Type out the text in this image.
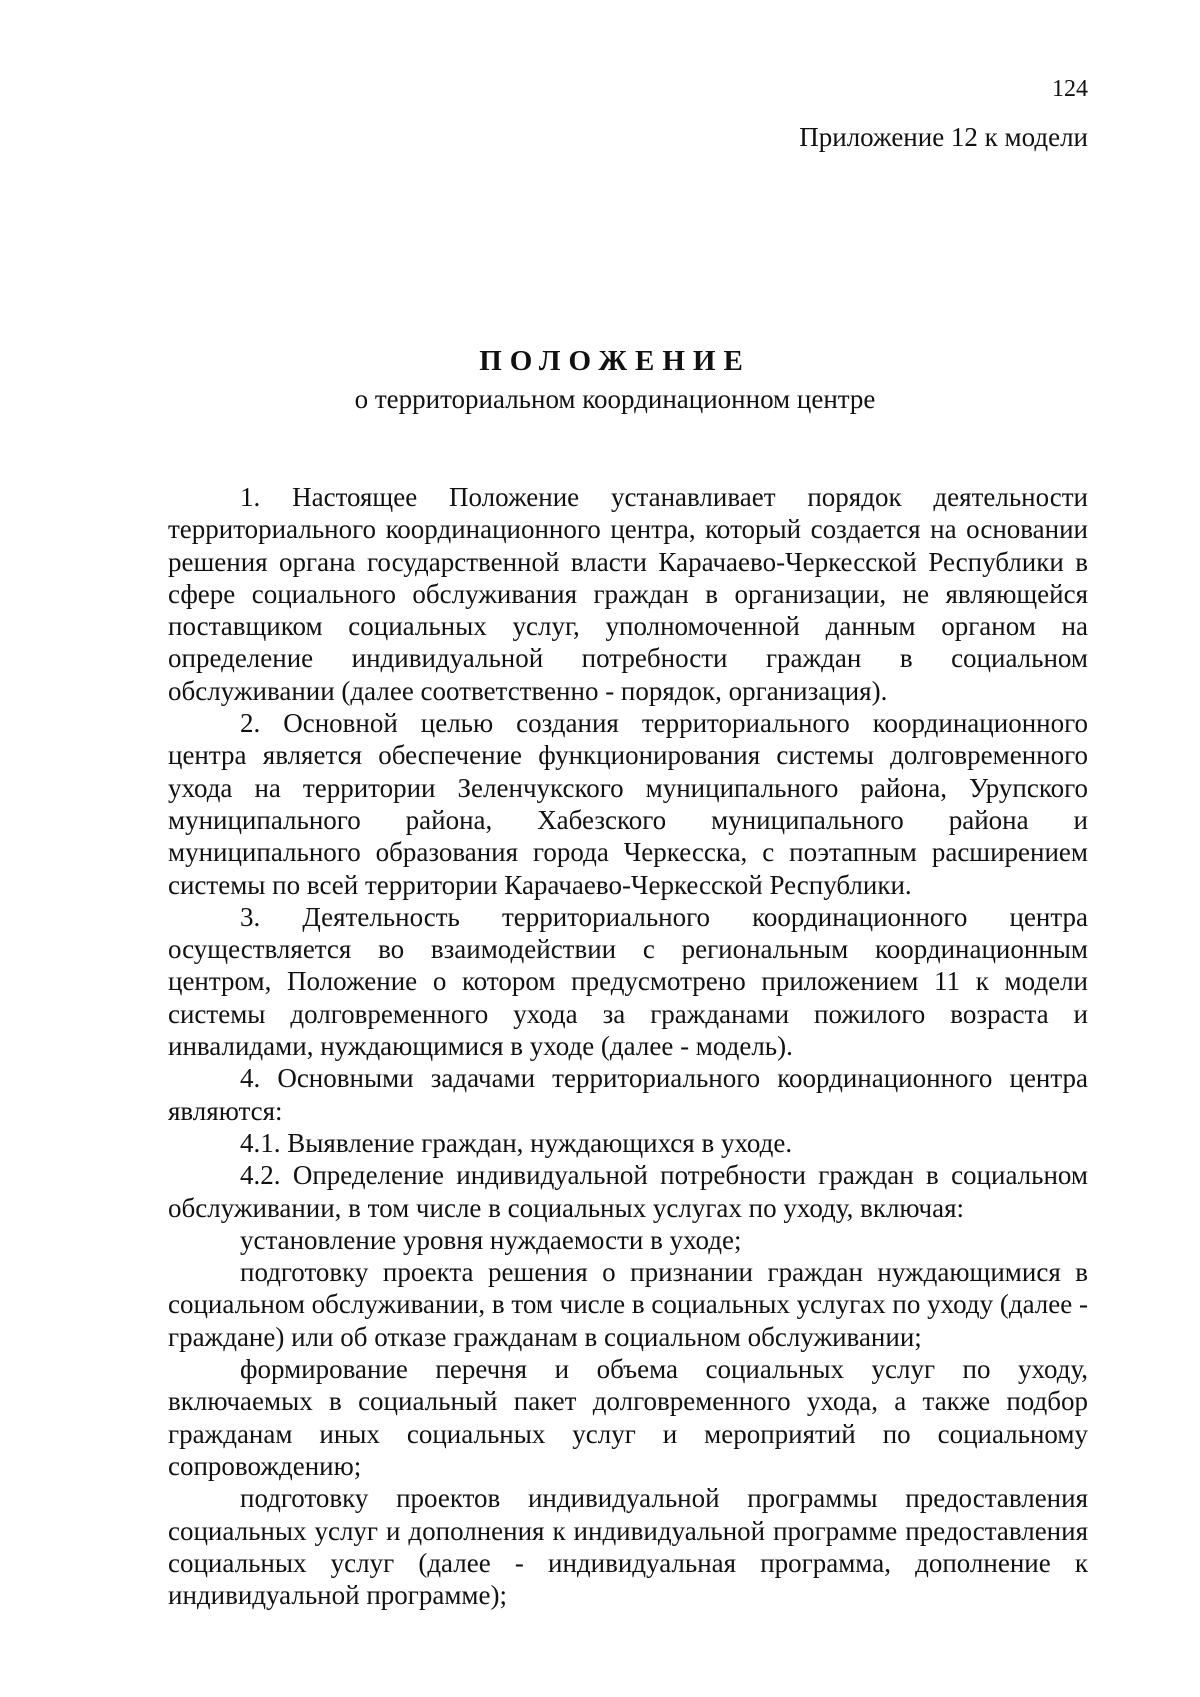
124
Приложение 12 к модели
ПОЛОЖЕНИЕ
о территориальном координационном центре

1. Настоящее Положение устанавливает порядок деятельности территориального координационного центра, который создается на основании решения органа государственной власти Карачаево-Черкесской Республики в сфере социального обслуживания граждан в организации, не являющейся поставщиком социальных услуг, уполномоченной данным органом на определение индивидуальной потребности граждан в социальном обслуживании (далее соответственно - порядок, организация).

2. Основной целью создания территориального координационного центра является обеспечение функционирования системы долговременного ухода на территории Зеленчукского муниципального района, Урупского муниципального района, Хабезского муниципального района и муниципального образования города Черкесска, с поэтапным расширением системы по всей территории Карачаево-Черкесской Республики.

3. Деятельность территориального координационного центра осуществляется во взаимодействии с региональным координационным центром, Положение о котором предусмотрено приложением 11 к модели системы долговременного ухода за гражданами пожилого возраста и инвалидами, нуждающимися в уходе (далее - модель).

4. Основными задачами территориального координационного центра являются:

4.1. Выявление граждан, нуждающихся в уходе.

4.2. Определение индивидуальной потребности граждан в социальном обслуживании, в том числе в социальных услугах по уходу, включая:

установление уровня нуждаемости в уходе;

подготовку проекта решения о признании граждан нуждающимися в социальном обслуживании, в том числе в социальных услугах по уходу (далее - граждане) или об отказе гражданам в социальном обслуживании;

формирование перечня и объема социальных услуг по уходу, включаемых в социальный пакет долговременного ухода, а также подбор гражданам иных социальных услуг и мероприятий по социальному сопровождению;

подготовку проектов индивидуальной программы предоставления социальных услуг и дополнения к индивидуальной программе предоставления социальных услуг (далее - индивидуальная программа, дополнение к индивидуальной программе);
